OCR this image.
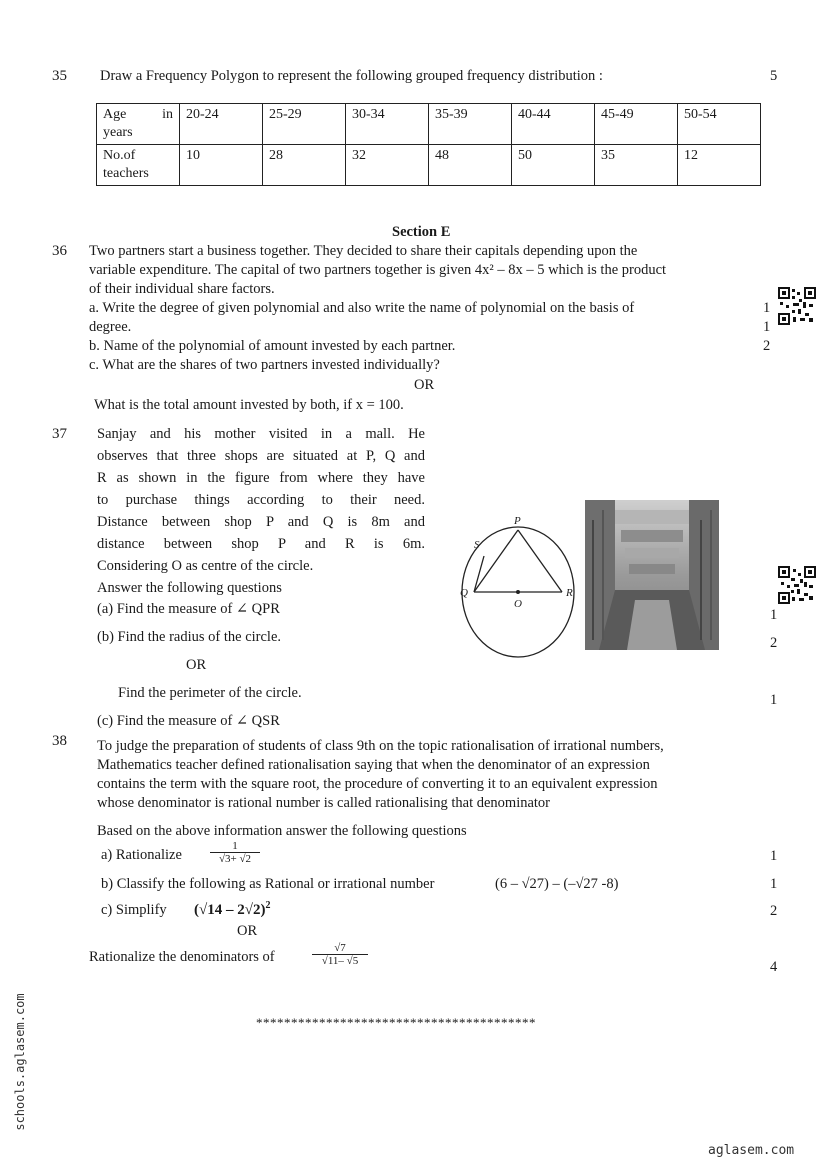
35 Draw a Frequency Polygon to represent the following grouped frequency distribution :	5
Age in
years	20-24	25-29	30-34	35-39	40-44	45-49	50-54

No.of
teachers	10	28	32	48	50	35	12
Section E
36 Two partners start a business together. They decided to share their capitals depending upon the
variable expenditure. The capital of two partners together is given 4x² – 8x – 5 which is the product
of their individual share factors.
a. Write the degree of given polynomial and also write the name of polynomial on the basis of
degree.
b. Name of the polynomial of amount invested by each partner.
c. What are the shares of two partners invested individually?
OR
What is the total amount invested by both, if x = 100.
1
1
2
37 Sanjay and his mother visited in a mall. He
observes that three shops are situated at P, Q and
R as shown in the figure from where they have
to purchase things according to their need.
Distance between shop P and Q is 8m and
distance between shop P and R is 6m.
Considering O as centre of the circle.
Answer the following questions
(a) Find the measure of ∠ QPR
(b) Find the radius of the circle.
OR
Find the perimeter of the circle.
(c) Find the measure of ∠ QSR
1
2
1
P
Q	R
S
O
38 To judge the preparation of students of class 9th on the topic rationalisation of irrational numbers,
Mathematics teacher defined rationalisation saying that when the denominator of an expression
contains the term with the square root, the procedure of converting it to an equivalent expression
whose denominator is rational number is called rationalising that denominator
Based on the above information answer the following questions
a) Rationalize	$\frac{1}{√3+ √2}$
b) Classify the following as Rational or irrational number	(6 – √27) – (–√27 -8)
c) Simplify (√14 – 2√2)$^2$
OR
Rationalize the denominators of	$\frac{√7}{√11- √5}$
1
1
2
4
****************************************
schools.aglasem.com
aglasem.com
